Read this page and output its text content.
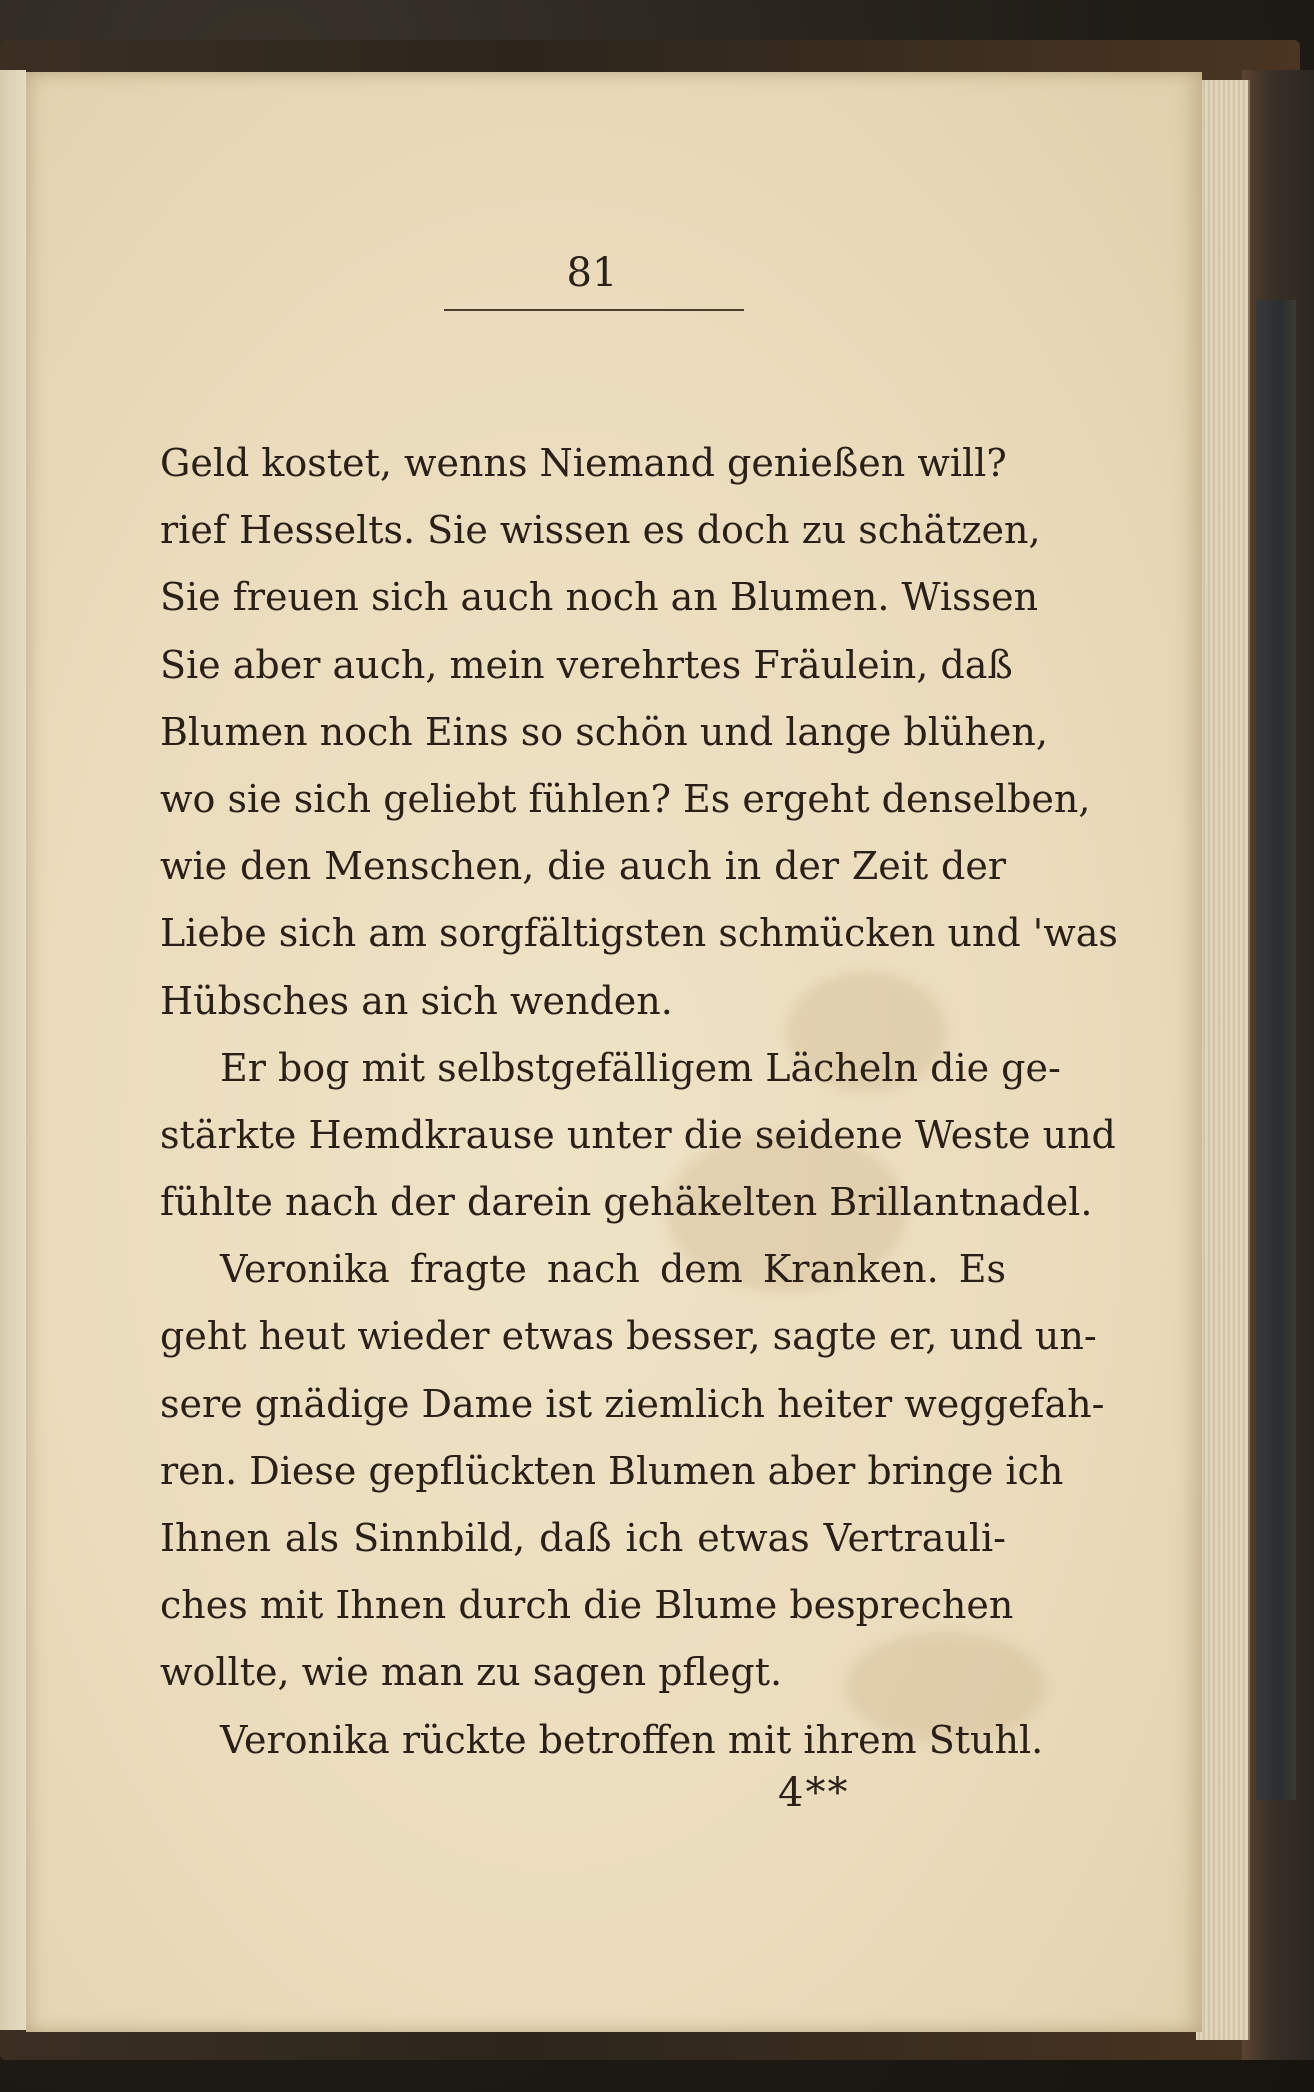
81
Geld kostet, wenns Niemand genießen will?
rief Hesselts. Sie wissen es doch zu schätzen,
Sie freuen sich auch noch an Blumen. Wissen
Sie aber auch, mein verehrtes Fräulein, daß
Blumen noch Eins so schön und lange blühen,
wo sie sich geliebt fühlen? Es ergeht denselben,
wie den Menschen, die auch in der Zeit der
Liebe sich am sorgfältigsten schmücken und 'was
Hübsches an sich wenden.
Er bog mit selbstgefälligem Lächeln die ge-
stärkte Hemdkrause unter die seidene Weste und
fühlte nach der darein gehäkelten Brillantnadel.
Veronika fragte nach dem Kranken. Es
geht heut wieder etwas besser, sagte er, und un-
sere gnädige Dame ist ziemlich heiter weggefah-
ren. Diese gepflückten Blumen aber bringe ich
Ihnen als Sinnbild, daß ich etwas Vertrauli-
ches mit Ihnen durch die Blume besprechen
wollte, wie man zu sagen pflegt.
Veronika rückte betroffen mit ihrem Stuhl.
4**
